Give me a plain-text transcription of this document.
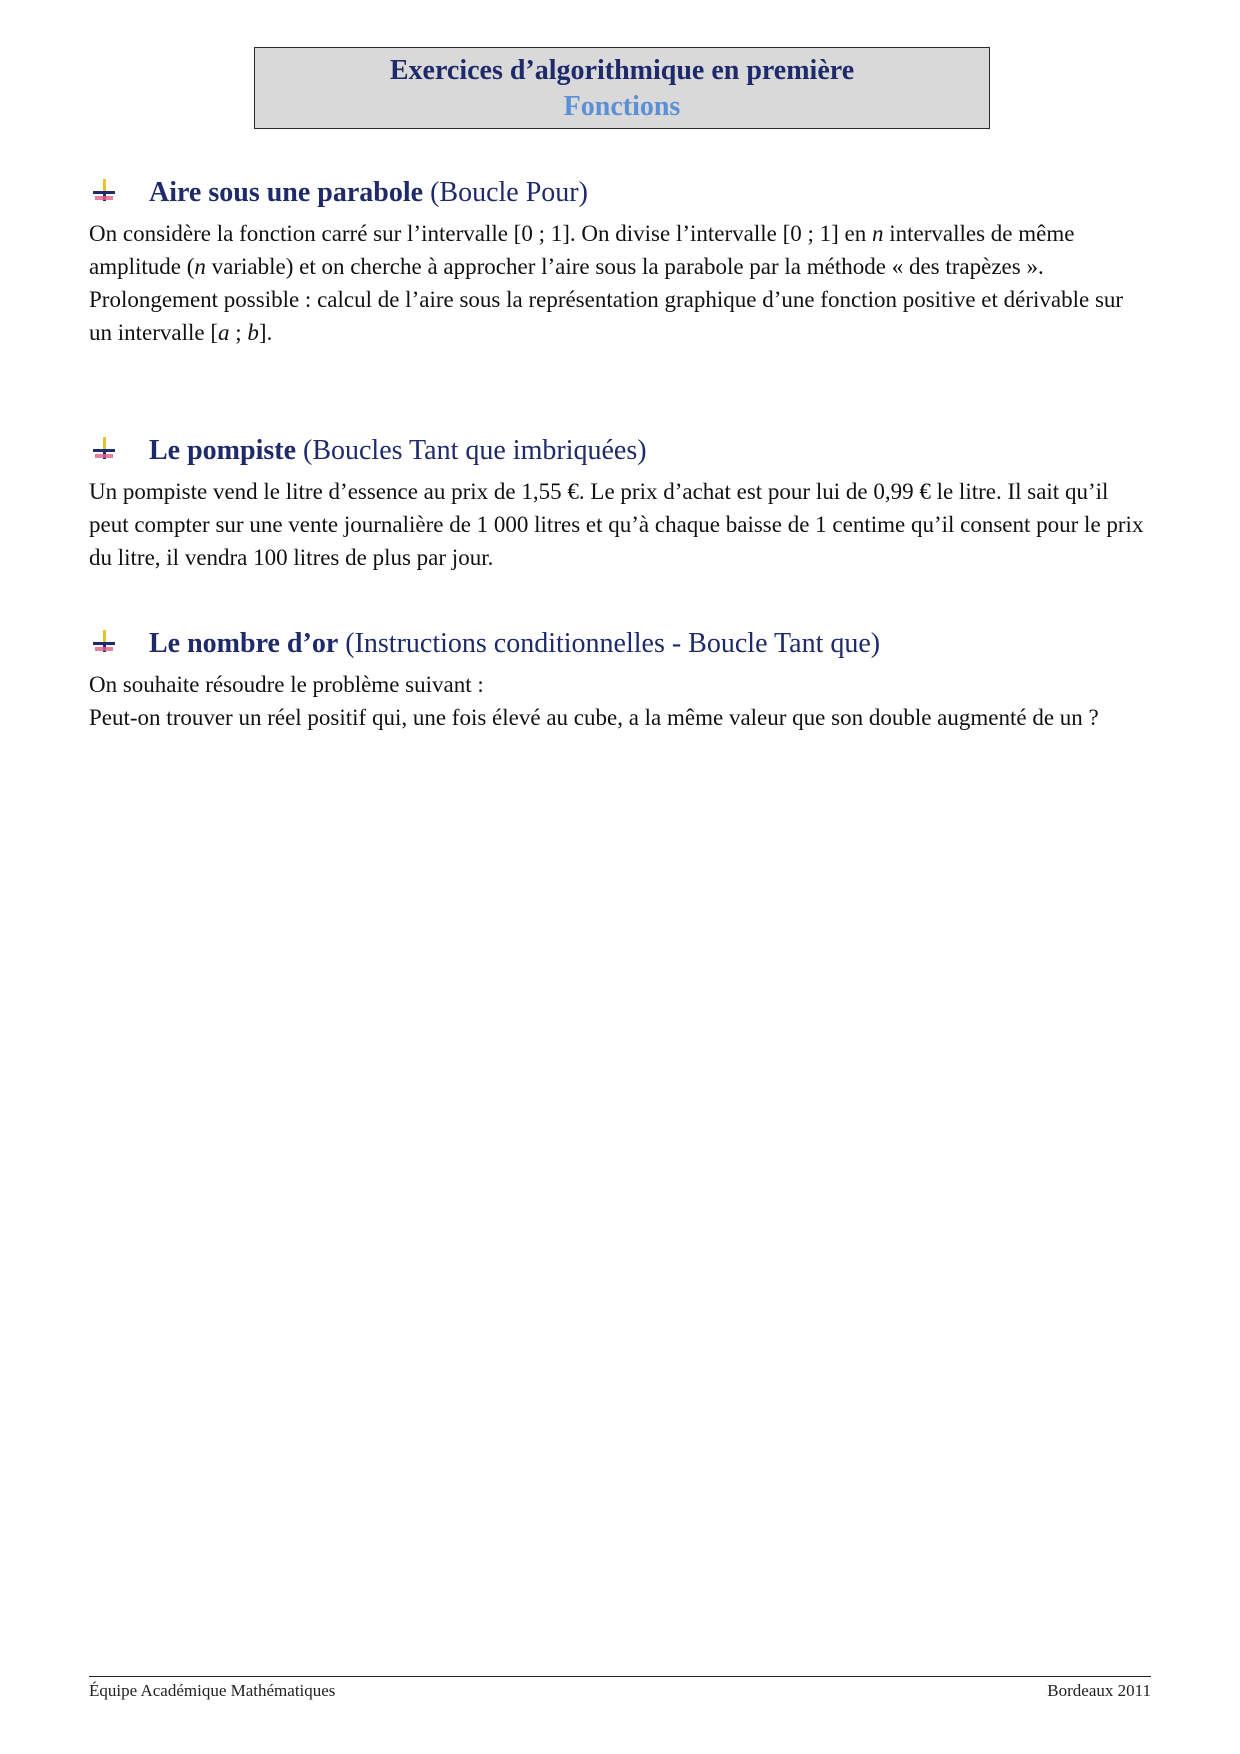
Exercices d’algorithmique en première
Fonctions
Aire sous une parabole (Boucle Pour)

On considère la fonction carré sur l’intervalle [0 ; 1]. On divise l’intervalle [0 ; 1] en n intervalles de même amplitude (n variable) et on cherche à approcher l’aire sous la parabole par la méthode « des trapèzes ».

Prolongement possible : calcul de l’aire sous la représentation graphique d’une fonction positive et dérivable sur un intervalle [a ; b].

Le pompiste (Boucles Tant que imbriquées)

Un pompiste vend le litre d’essence au prix de 1,55 €. Le prix d’achat est pour lui de 0,99 € le litre. Il sait qu’il peut compter sur une vente journalière de 1 000 litres et qu’à chaque baisse de 1 centime qu’il consent pour le prix du litre, il vendra 100 litres de plus par jour.

Le nombre d’or (Instructions conditionnelles - Boucle Tant que)

On souhaite résoudre le problème suivant :

Peut-on trouver un réel positif qui, une fois élevé au cube, a la même valeur que son double augmenté de un ?

Équipe Académique Mathématiques	Bordeaux 2011
